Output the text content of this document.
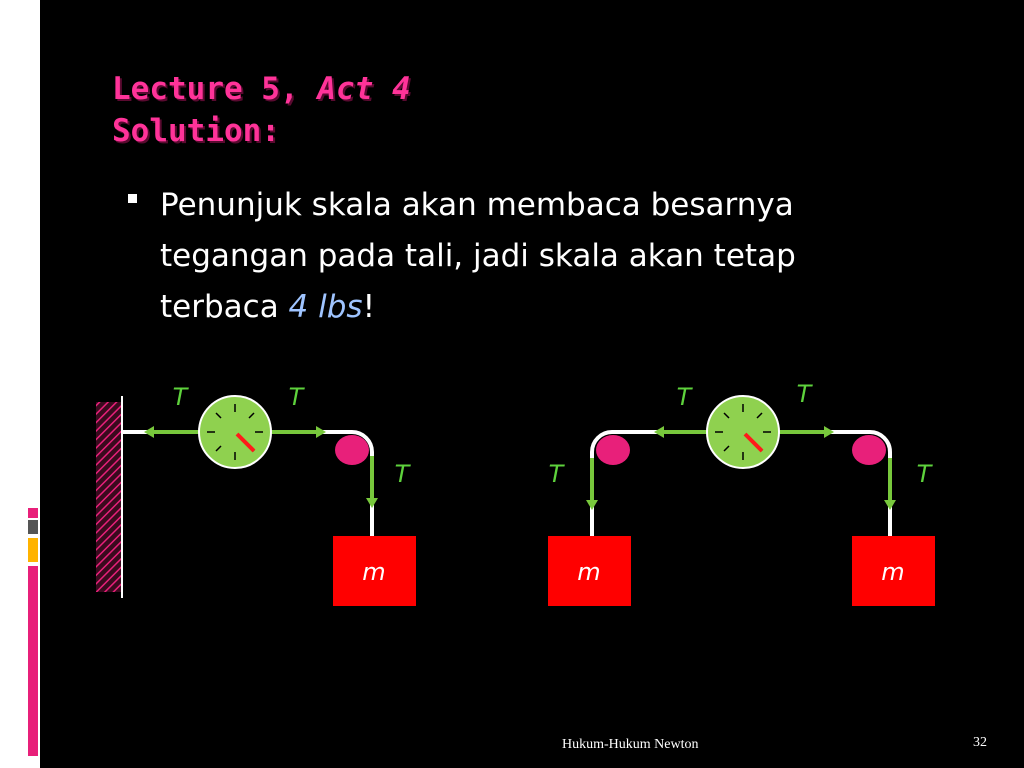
Lecture 5, Act 4
Solution:
Penunjuk skala akan membaca besarnya tegangan pada tali, jadi skala akan tetap terbaca 4 lbs!
T	T
T
T	T
T	T
m	m	m
Hukum-Hukum Newton	32
